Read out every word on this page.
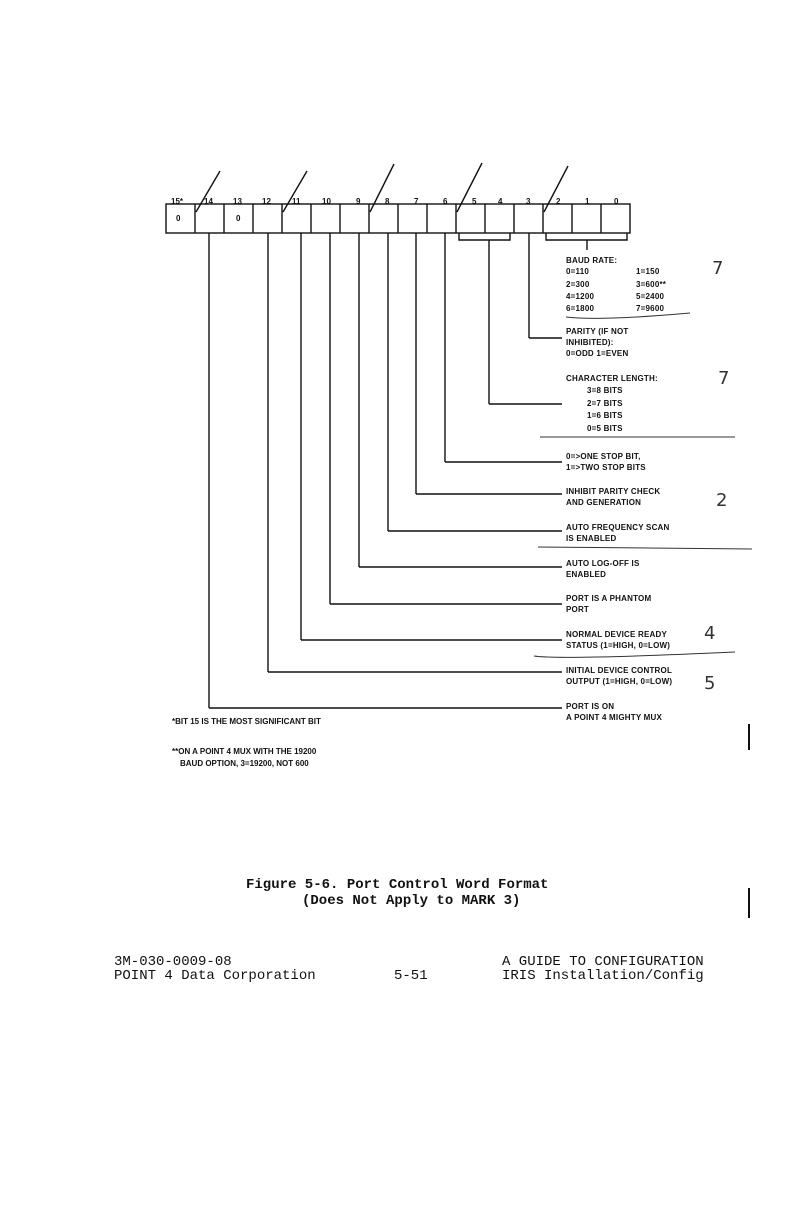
15*	14	13	12	11	10	9	8	7	6	5	4	3	2	1	0
0	0
BAUD RATE:
0=110	1=150
2=300	3=600**
4=1200	5=2400
6=1800	7=9600
PARITY (IF NOT
INHIBITED):
0=ODD 1=EVEN
CHARACTER LENGTH:
3=8 BITS
2=7 BITS
1=6 BITS
0=5 BITS
0=>ONE STOP BIT,
1=>TWO STOP BITS
INHIBIT PARITY CHECK
AND GENERATION
AUTO FREQUENCY SCAN
IS ENABLED
AUTO LOG-OFF IS
ENABLED
PORT IS A PHANTOM
PORT
NORMAL DEVICE READY
STATUS (1=HIGH, 0=LOW)
INITIAL DEVICE CONTROL
OUTPUT (1=HIGH, 0=LOW)
PORT IS ON
A POINT 4 MIGHTY MUX
*BIT 15 IS THE MOST SIGNIFICANT BIT
**ON A POINT 4 MUX WITH THE 19200
BAUD OPTION, 3=19200, NOT 600
7
7
2
4
5
Figure 5-6. Port Control Word Format
(Does Not Apply to MARK 3)
3M-030-0009-08
POINT 4 Data Corporation	5-51
A GUIDE TO CONFIGURATION
IRIS Installation/Config
